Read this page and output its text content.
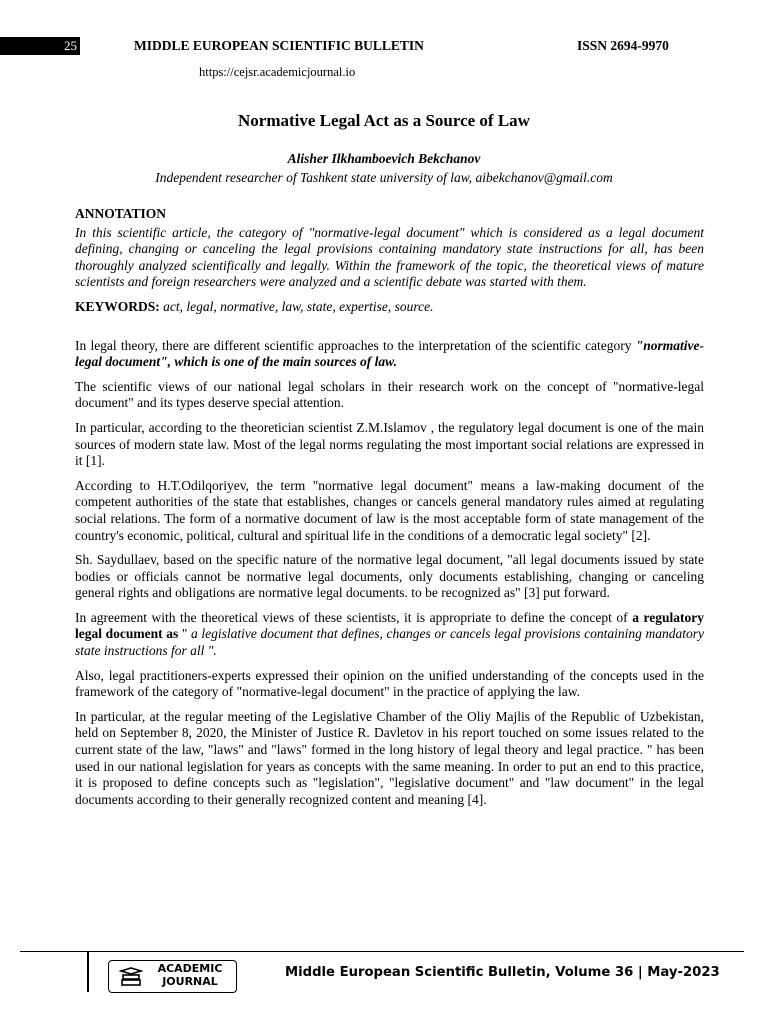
25	MIDDLE EUROPEAN SCIENTIFIC BULLETIN	ISSN 2694-9970
https://cejsr.academicjournal.io
Normative Legal Act as a Source of Law
Alisher Ilkhamboevich Bekchanov
Independent researcher of Tashkent state university of law, aibekchanov@gmail.com

ANNOTATION

In this scientific article, the category of "normative-legal document" which is considered as a legal document defining, changing or canceling the legal provisions containing mandatory state instructions for all, has been thoroughly analyzed scientifically and legally. Within the framework of the topic, the theoretical views of mature scientists and foreign researchers were analyzed and a scientific debate was started with them.

KEYWORDS: act, legal, normative, law, state, expertise, source.

In legal theory, there are different scientific approaches to the interpretation of the scientific category "normative-legal document", which is one of the main sources of law.

The scientific views of our national legal scholars in their research work on the concept of "normative-legal document" and its types deserve special attention.

In particular, according to the theoretician scientist Z.M.Islamov , the regulatory legal document is one of the main sources of modern state law. Most of the legal norms regulating the most important social relations are expressed in it [1].

According to H.T.Odilqoriyev, the term "normative legal document" means a law-making document of the competent authorities of the state that establishes, changes or cancels general mandatory rules aimed at regulating social relations. The form of a normative document of law is the most acceptable form of state management of the country's economic, political, cultural and spiritual life in the conditions of a democratic legal society" [2].

Sh. Saydullaev, based on the specific nature of the normative legal document, "all legal documents issued by state bodies or officials cannot be normative legal documents, only documents establishing, changing or canceling general rights and obligations are normative legal documents. to be recognized as" [3] put forward.

In agreement with the theoretical views of these scientists, it is appropriate to define the concept of a regulatory legal document as " a legislative document that defines, changes or cancels legal provisions containing mandatory state instructions for all ".

Also, legal practitioners-experts expressed their opinion on the unified understanding of the concepts used in the framework of the category of "normative-legal document" in the practice of applying the law.

In particular, at the regular meeting of the Legislative Chamber of the Oliy Majlis of the Republic of Uzbekistan, held on September 8, 2020, the Minister of Justice R. Davletov in his report touched on some issues related to the current state of the law, "laws" and "laws" formed in the long history of legal theory and legal practice. " has been used in our national legislation for years as concepts with the same meaning. In order to put an end to this practice, it is proposed to define concepts such as "legislation", "legislative document" and "law document" in the legal documents according to their generally recognized content and meaning [4].

ACADEMIC
JOURNAL
Middle European Scientific Bulletin, Volume 36 | May-2023
